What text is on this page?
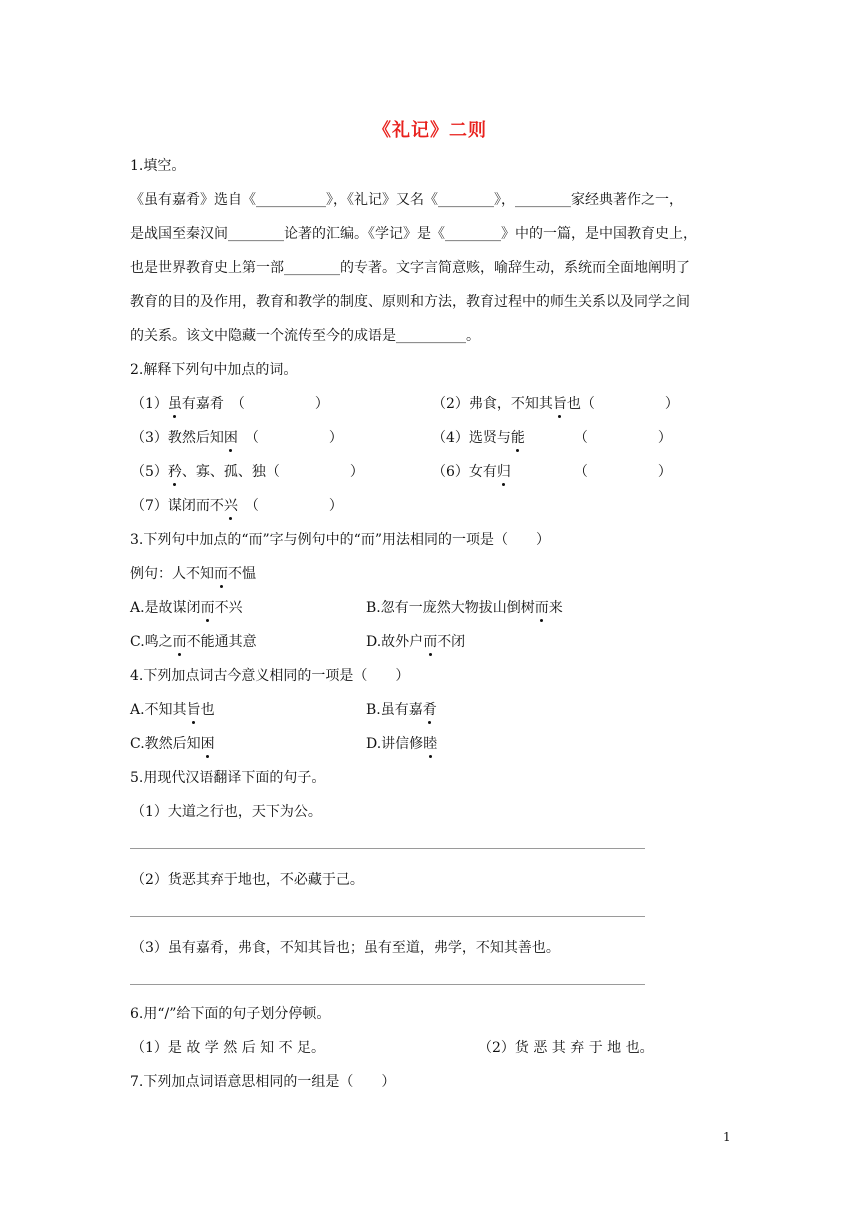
《礼记》二则
1.填空。
《虽有嘉肴》选自《__________》，《礼记》又名《________》，________家经典著作之一，
是战国至秦汉间________论著的汇编。《学记》是《________》中的一篇，是中国教育史上，
也是世界教育史上第一部________的专著。文字言简意赅，喻辞生动，系统而全面地阐明了
教育的目的及作用，教育和教学的制度、原则和方法，教育过程中的师生关系以及同学之间
的关系。该文中隐藏一个流传至今的成语是__________。
2.解释下列句中加点的词。
（1）虽有嘉肴　（　　　　　）	（2）弗食，不知其旨也（　　　　　）
（3）教然后知困　（　　　　　）	（4）选贤与能　　　　（　　　　　）
（5）矜、寡、孤、独（　　　　　）	（6）女有归　　　　　（　　　　　）
（7）谋闭而不兴　（　　　　　）
3.下列句中加点的“而”字与例句中的“而”用法相同的一项是（　　）
例句：人不知而不愠
A.是故谋闭而不兴	B.忽有一庞然大物拔山倒树而来
C.鸣之而不能通其意	D.故外户而不闭
4.下列加点词古今意义相同的一项是（　　）
A.不知其旨也	B.虽有嘉肴
C.教然后知困	D.讲信修睦
5.用现代汉语翻译下面的句子。
（1）大道之行也，天下为公。
（2）货恶其弃于地也，不必藏于己。
（3）虽有嘉肴，弗食，不知其旨也；虽有至道，弗学，不知其善也。
6.用“/”给下面的句子划分停顿。
（1）是 故 学 然 后 知 不 足。	（2）货 恶 其 弃 于 地 也。
7.下列加点词语意思相同的一组是（　　）
1
